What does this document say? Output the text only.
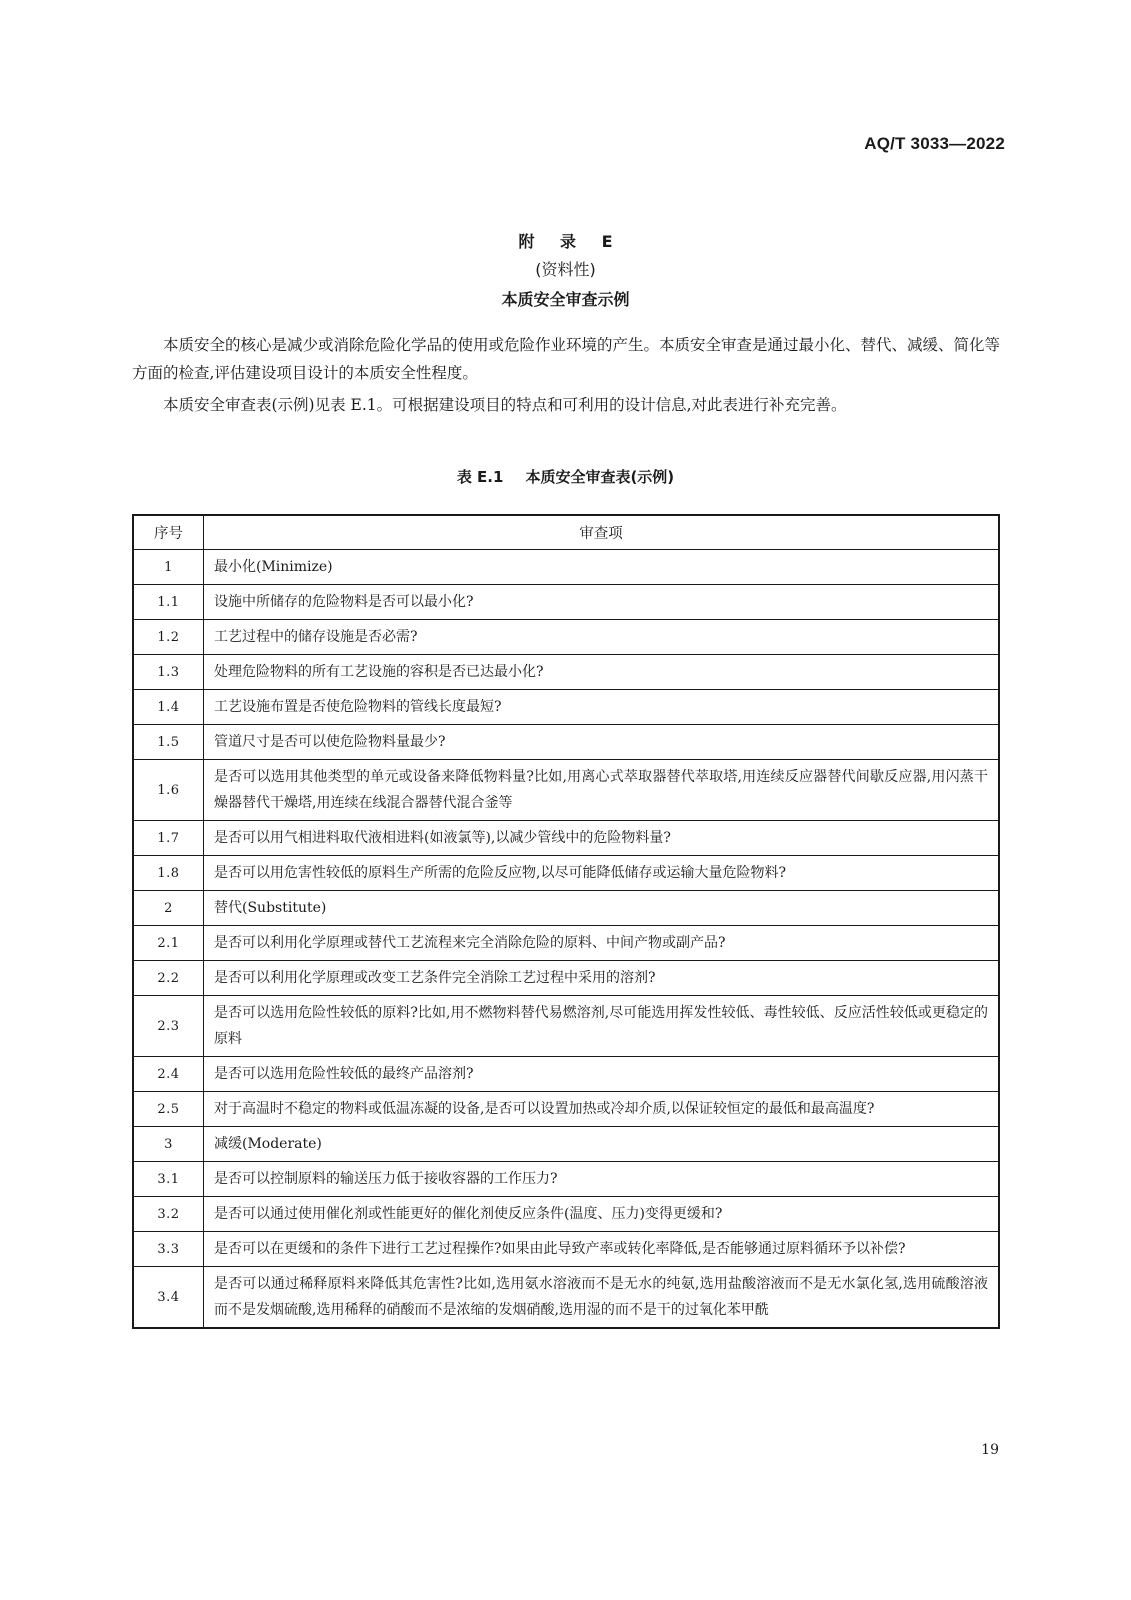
AQ/T 3033—2022
附 录 E
(资料性)
本质安全审查示例

本质安全的核心是减少或消除危险化学品的使用或危险作业环境的产生。本质安全审查是通过最小化、替代、减缓、简化等方面的检查,评估建设项目设计的本质安全性程度。

本质安全审查表(示例)见表 E.1。可根据建设项目的特点和可利用的设计信息,对此表进行补充完善。

表 E.1 本质安全审查表(示例)
序号	审查项
1	最小化(Minimize)
1.1	设施中所储存的危险物料是否可以最小化?
1.2	工艺过程中的储存设施是否必需?
1.3	处理危险物料的所有工艺设施的容积是否已达最小化?
1.4	工艺设施布置是否使危险物料的管线长度最短?
1.5	管道尺寸是否可以使危险物料量最少?
1.6	是否可以选用其他类型的单元或设备来降低物料量?比如,用离心式萃取器替代萃取塔,用连续反应器替代间歇反应器,用闪蒸干燥器替代干燥塔,用连续在线混合器替代混合釜等
1.7	是否可以用气相进料取代液相进料(如液氯等),以减少管线中的危险物料量?
1.8	是否可以用危害性较低的原料生产所需的危险反应物,以尽可能降低储存或运输大量危险物料?
2	替代(Substitute)
2.1	是否可以利用化学原理或替代工艺流程来完全消除危险的原料、中间产物或副产品?
2.2	是否可以利用化学原理或改变工艺条件完全消除工艺过程中采用的溶剂?
2.3	是否可以选用危险性较低的原料?比如,用不燃物料替代易燃溶剂,尽可能选用挥发性较低、毒性较低、反应活性较低或更稳定的原料
2.4	是否可以选用危险性较低的最终产品溶剂?
2.5	对于高温时不稳定的物料或低温冻凝的设备,是否可以设置加热或冷却介质,以保证较恒定的最低和最高温度?
3	减缓(Moderate)
3.1	是否可以控制原料的输送压力低于接收容器的工作压力?
3.2	是否可以通过使用催化剂或性能更好的催化剂使反应条件(温度、压力)变得更缓和?
3.3	是否可以在更缓和的条件下进行工艺过程操作?如果由此导致产率或转化率降低,是否能够通过原料循环予以补偿?
3.4	是否可以通过稀释原料来降低其危害性?比如,选用氨水溶液而不是无水的纯氨,选用盐酸溶液而不是无水氯化氢,选用硫酸溶液而不是发烟硫酸,选用稀释的硝酸而不是浓缩的发烟硝酸,选用湿的而不是干的过氧化苯甲酰
19
